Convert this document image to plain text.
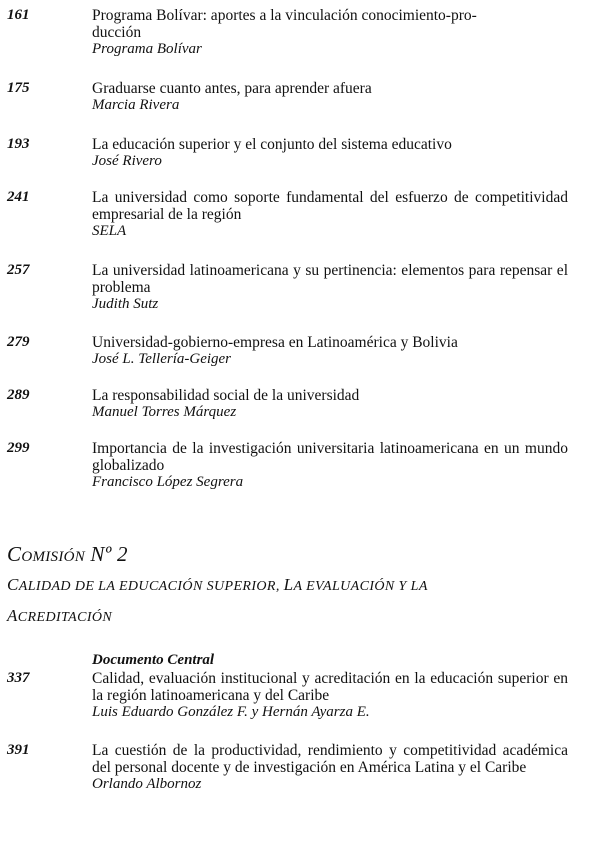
161	Programa Bolívar: aportes a la vinculación conocimiento-pro-
ducción
Programa Bolívar
175	Graduarse cuanto antes, para aprender afuera
Marcia Rivera
193	La educación superior y el conjunto del sistema educativo
José Rivero
241	La universidad como soporte fundamental del esfuerzo de competitividad empresarial de la región
SELA
257	La universidad latinoamericana y su pertinencia: elementos para repensar el problema
Judith Sutz
279	Universidad-gobierno-empresa en Latinoamérica y Bolivia
José L. Tellería-Geiger
289	La responsabilidad social de la universidad
Manuel Torres Márquez
299	Importancia de la investigación universitaria latinoamericana en un mundo globalizado
Francisco López Segrera
COMISIÓN Nº 2
CALIDAD DE LA EDUCACIÓN SUPERIOR, LA EVALUACIÓN Y LA
ACREDITACIÓN
Documento Central
337	Calidad, evaluación institucional y acreditación en la educación superior en la región latinoamericana y del Caribe
Luis Eduardo González F. y Hernán Ayarza E.
391	La cuestión de la productividad, rendimiento y competitividad académica del personal docente y de investigación en América Latina y el Caribe
Orlando Albornoz
